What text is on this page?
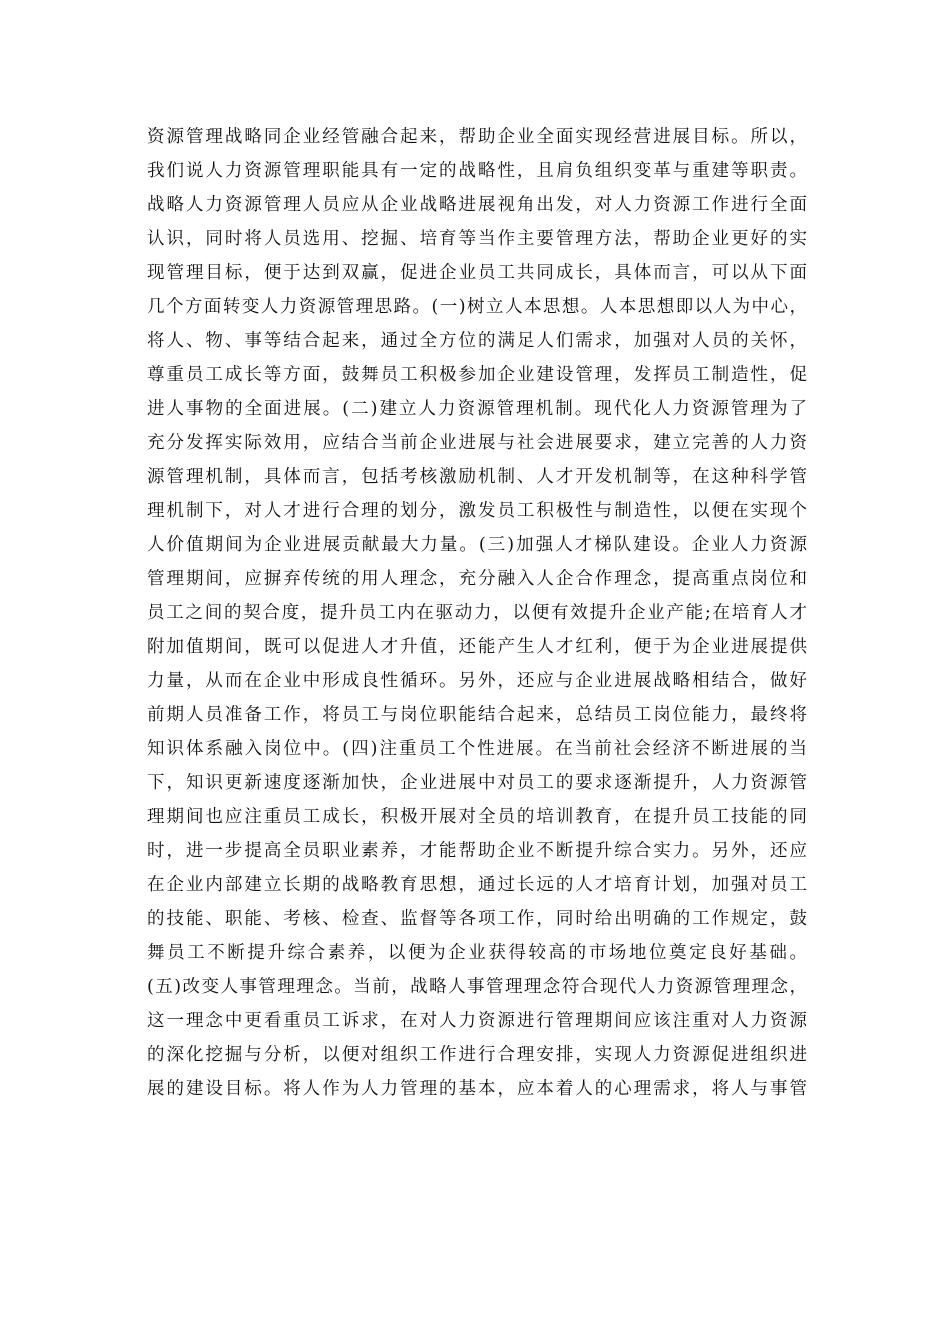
资源管理战略同企业经管融合起来，帮助企业全面实现经营进展目标。所以，
我们说人力资源管理职能具有一定的战略性，且肩负组织变革与重建等职责。
战略人力资源管理人员应从企业战略进展视角出发，对人力资源工作进行全面
认识，同时将人员选用、挖掘、培育等当作主要管理方法，帮助企业更好的实
现管理目标，便于达到双赢，促进企业员工共同成长，具体而言，可以从下面
几个方面转变人力资源管理思路。(一)树立人本思想。人本思想即以人为中心，
将人、物、事等结合起来，通过全方位的满足人们需求，加强对人员的关怀，
尊重员工成长等方面，鼓舞员工积极参加企业建设管理，发挥员工制造性，促
进人事物的全面进展。(二)建立人力资源管理机制。现代化人力资源管理为了
充分发挥实际效用，应结合当前企业进展与社会进展要求，建立完善的人力资
源管理机制，具体而言，包括考核激励机制、人才开发机制等，在这种科学管
理机制下，对人才进行合理的划分，激发员工积极性与制造性，以便在实现个
人价值期间为企业进展贡献最大力量。(三)加强人才梯队建设。企业人力资源
管理期间，应摒弃传统的用人理念，充分融入人企合作理念，提高重点岗位和
员工之间的契合度，提升员工内在驱动力，以便有效提升企业产能;在培育人才
附加值期间，既可以促进人才升值，还能产生人才红利，便于为企业进展提供
力量，从而在企业中形成良性循环。另外，还应与企业进展战略相结合，做好
前期人员准备工作，将员工与岗位职能结合起来，总结员工岗位能力，最终将
知识体系融入岗位中。(四)注重员工个性进展。在当前社会经济不断进展的当
下，知识更新速度逐渐加快，企业进展中对员工的要求逐渐提升，人力资源管
理期间也应注重员工成长，积极开展对全员的培训教育，在提升员工技能的同
时，进一步提高全员职业素养，才能帮助企业不断提升综合实力。另外，还应
在企业内部建立长期的战略教育思想，通过长远的人才培育计划，加强对员工
的技能、职能、考核、检查、监督等各项工作，同时给出明确的工作规定，鼓
舞员工不断提升综合素养，以便为企业获得较高的市场地位奠定良好基础。
(五)改变人事管理理念。当前，战略人事管理理念符合现代人力资源管理理念，
这一理念中更看重员工诉求，在对人力资源进行管理期间应该注重对人力资源
的深化挖掘与分析，以便对组织工作进行合理安排，实现人力资源促进组织进
展的建设目标。将人作为人力管理的基本，应本着人的心理需求，将人与事管
